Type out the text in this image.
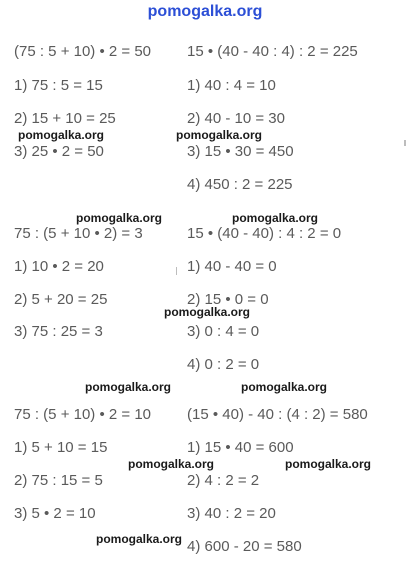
pomogalka.org
(75 : 5 + 10) • 2 = 50
1) 75 : 5 = 15
2) 15 + 10 = 25
3) 25 • 2 = 50
15 • (40 - 40 : 4) : 2 = 225
1) 40 : 4 = 10
2) 40 - 10 = 30
3) 15 • 30 = 450
4) 450 : 2 = 225
75 : (5 + 10 • 2) = 3
1) 10 • 2 = 20
2) 5 + 20 = 25
3) 75 : 25 = 3
15 • (40 - 40) : 4 : 2 = 0
1) 40 - 40 = 0
2) 15 • 0 = 0
3) 0 : 4 = 0
4) 0 : 2 = 0
75 : (5 + 10) • 2 = 10
1) 5 + 10 = 15
2) 75 : 15 = 5
3) 5 • 2 = 10
(15 • 40) - 40 : (4 : 2) = 580
1) 15 • 40 = 600
2) 4 : 2 = 2
3) 40 : 2 = 20
4) 600 - 20 = 580
pomogalka.org	pomogalka.org
pomogalka.org	pomogalka.org
pomogalka.org
pomogalka.org	pomogalka.org
pomogalka.org	pomogalka.org
pomogalka.org
